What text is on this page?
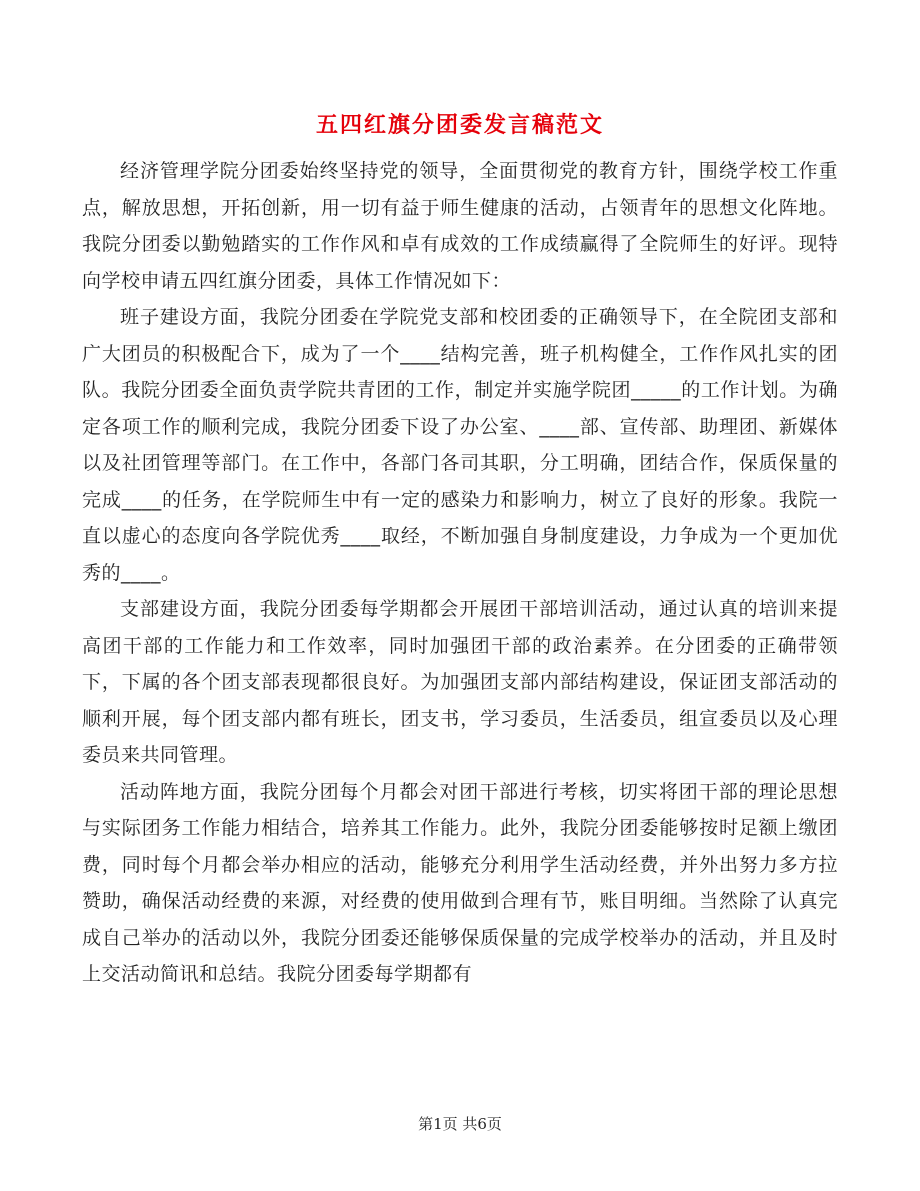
五四红旗分团委发言稿范文

经济管理学院分团委始终坚持党的领导，全面贯彻党的教育方针，围绕学校工作重点，解放思想，开拓创新，用一切有益于师生健康的活动，占领青年的思想文化阵地。我院分团委以勤勉踏实的工作作风和卓有成效的工作成绩赢得了全院师生的好评。现特向学校申请五四红旗分团委，具体工作情况如下：

班子建设方面，我院分团委在学院党支部和校团委的正确领导下，在全院团支部和广大团员的积极配合下，成为了一个____结构完善，班子机构健全，工作作风扎实的团队。我院分团委全面负责学院共青团的工作，制定并实施学院团_____的工作计划。为确定各项工作的顺利完成，我院分团委下设了办公室、____部、宣传部、助理团、新媒体以及社团管理等部门。在工作中，各部门各司其职，分工明确，团结合作，保质保量的完成____的任务，在学院师生中有一定的感染力和影响力，树立了良好的形象。我院一直以虚心的态度向各学院优秀____取经，不断加强自身制度建设，力争成为一个更加优秀的____。

支部建设方面，我院分团委每学期都会开展团干部培训活动，通过认真的培训来提高团干部的工作能力和工作效率，同时加强团干部的政治素养。在分团委的正确带领下，下属的各个团支部表现都很良好。为加强团支部内部结构建设，保证团支部活动的顺利开展，每个团支部内都有班长，团支书，学习委员，生活委员，组宣委员以及心理委员来共同管理。

活动阵地方面，我院分团每个月都会对团干部进行考核，切实将团干部的理论思想与实际团务工作能力相结合，培养其工作能力。此外，我院分团委能够按时足额上缴团费，同时每个月都会举办相应的活动，能够充分利用学生活动经费，并外出努力多方拉赞助，确保活动经费的来源，对经费的使用做到合理有节，账目明细。当然除了认真完成自己举办的活动以外，我院分团委还能够保质保量的完成学校举办的活动，并且及时上交活动简讯和总结。我院分团委每学期都有

第1页 共6页
